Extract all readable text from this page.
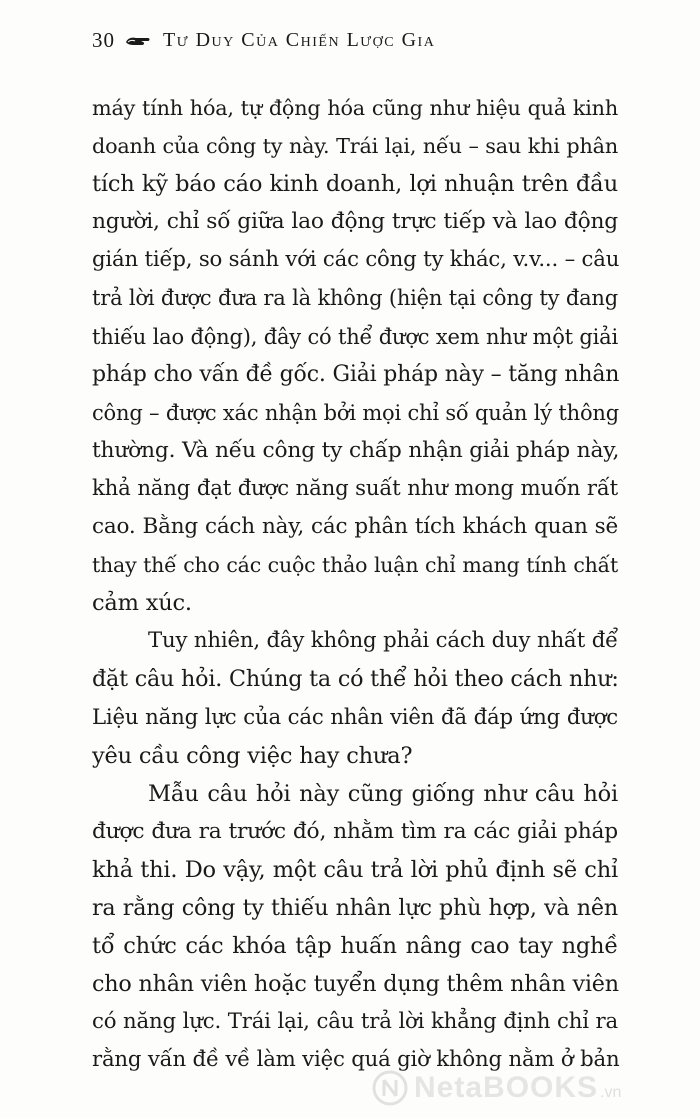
30 Tư Duy Của Chiến Lược Gia
máy tính hóa, tự động hóa cũng như hiệu quả kinh
doanh của công ty này. Trái lại, nếu – sau khi phân
tích kỹ báo cáo kinh doanh, lợi nhuận trên đầu
người, chỉ số giữa lao động trực tiếp và lao động
gián tiếp, so sánh với các công ty khác, v.v... – câu
trả lời được đưa ra là không (hiện tại công ty đang
thiếu lao động), đây có thể được xem như một giải
pháp cho vấn đề gốc. Giải pháp này – tăng nhân
công – được xác nhận bởi mọi chỉ số quản lý thông
thường. Và nếu công ty chấp nhận giải pháp này,
khả năng đạt được năng suất như mong muốn rất
cao. Bằng cách này, các phân tích khách quan sẽ
thay thế cho các cuộc thảo luận chỉ mang tính chất
cảm xúc.
Tuy nhiên, đây không phải cách duy nhất để
đặt câu hỏi. Chúng ta có thể hỏi theo cách như:
Liệu năng lực của các nhân viên đã đáp ứng được
yêu cầu công việc hay chưa?
Mẫu câu hỏi này cũng giống như câu hỏi
được đưa ra trước đó, nhằm tìm ra các giải pháp
khả thi. Do vậy, một câu trả lời phủ định sẽ chỉ
ra rằng công ty thiếu nhân lực phù hợp, và nên
tổ chức các khóa tập huấn nâng cao tay nghề
cho nhân viên hoặc tuyển dụng thêm nhân viên
có năng lực. Trái lại, câu trả lời khẳng định chỉ ra
rằng vấn đề về làm việc quá giờ không nằm ở bản
NetaBOOKS .vn
